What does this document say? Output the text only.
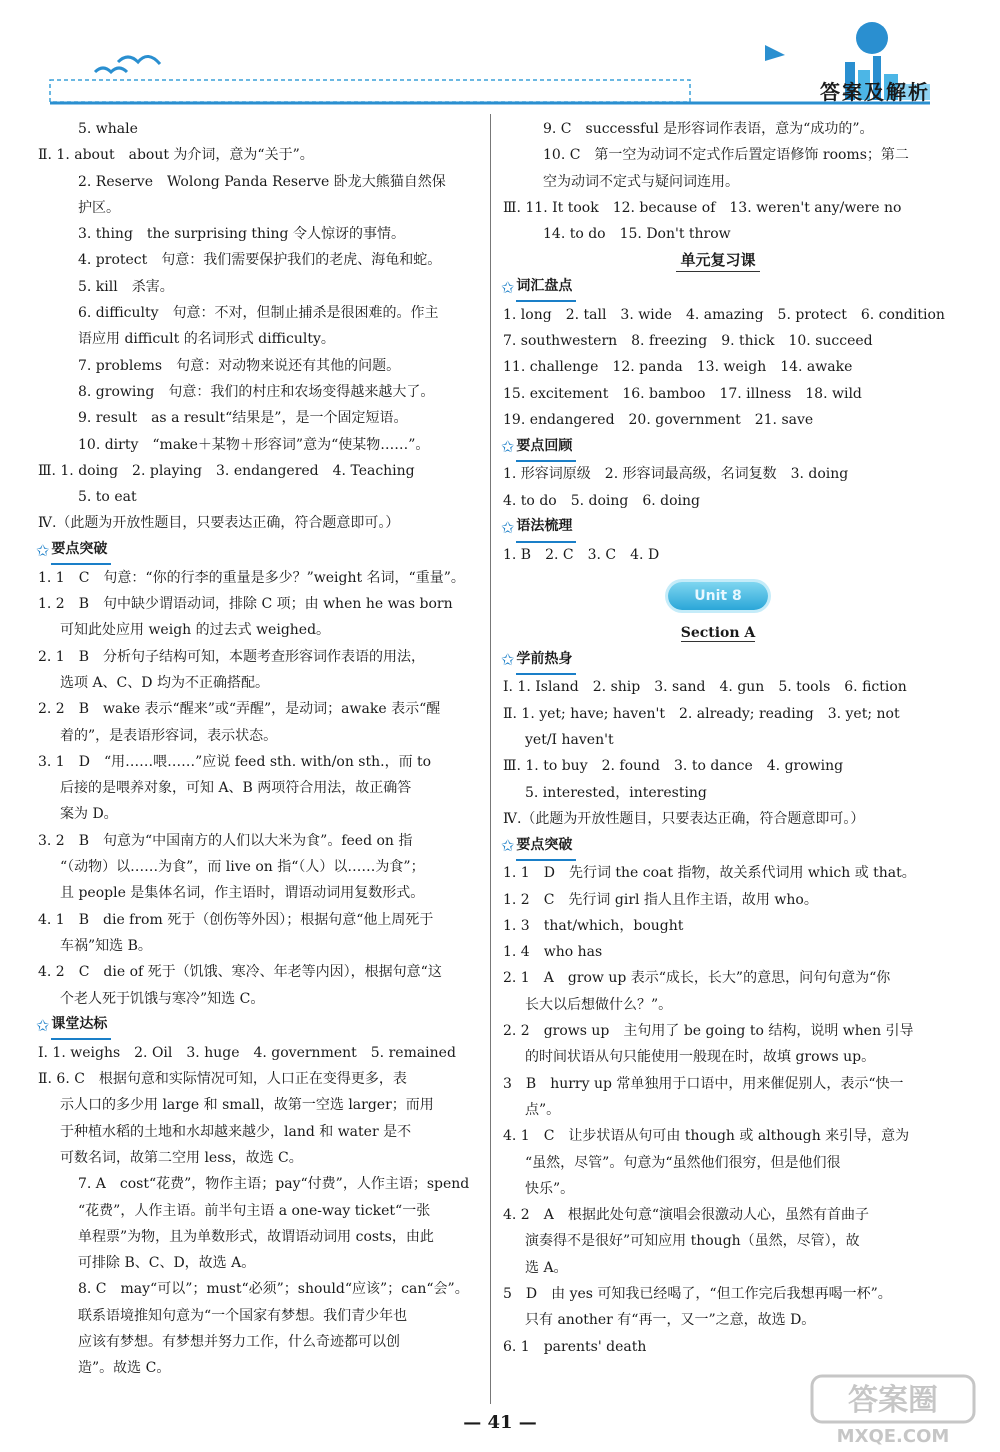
答案及解析
5. whale
Ⅱ. 1. about　about 为介词，意为“关于”。
2. Reserve　Wolong Panda Reserve 卧龙大熊猫自然保
护区。
3. thing　the surprising thing 令人惊讶的事情。
4. protect　句意：我们需要保护我们的老虎、海龟和蛇。
5. kill　杀害。
6. difficulty　句意：不对，但制止捕杀是很困难的。作主
语应用 difficult 的名词形式 difficulty。
7. problems　句意：对动物来说还有其他的问题。
8. growing　句意：我们的村庄和农场变得越来越大了。
9. result　as a result“结果是”，是一个固定短语。
10. dirty　“make＋某物＋形容词”意为“使某物……”。
Ⅲ. 1. doing　2. playing　3. endangered　4. Teaching
5. to eat
Ⅳ.（此题为开放性题目，只要表达正确，符合题意即可。）
✩ 要点突破
1. 1　C　句意：“你的行李的重量是多少？”weight 名词，“重量”。
1. 2　B　句中缺少谓语动词，排除 C 项；由 when he was born
可知此处应用 weigh 的过去式 weighed。
2. 1　B　分析句子结构可知，本题考查形容词作表语的用法，
选项 A、C、D 均为不正确搭配。
2. 2　B　wake 表示“醒来”或“弄醒”，是动词；awake 表示“醒
着的”，是表语形容词，表示状态。
3. 1　D　“用……喂……”应说 feed sth. with/on sth.，而 to
后接的是喂养对象，可知 A、B 两项符合用法，故正确答
案为 D。
3. 2　B　句意为“中国南方的人们以大米为食”。feed on 指
“（动物）以……为食”，而 live on 指“（人）以……为食”；
且 people 是集体名词，作主语时，谓语动词用复数形式。
4. 1　B　die from 死于（创伤等外因）；根据句意“他上周死于
车祸”知选 B。
4. 2　C　die of 死于（饥饿、寒冷、年老等内因），根据句意“这
个老人死于饥饿与寒冷”知选 C。
✩ 课堂达标
Ⅰ. 1. weighs　2. Oil　3. huge　4. government　5. remained
Ⅱ. 6. C　根据句意和实际情况可知，人口正在变得更多，表
示人口的多少用 large 和 small，故第一空选 larger；而用
于种植水稻的土地和水却越来越少，land 和 water 是不
可数名词，故第二空用 less，故选 C。
7. A　cost“花费”，物作主语；pay“付费”，人作主语；spend
“花费”，人作主语。前半句主语 a one-way ticket“一张
单程票”为物，且为单数形式，故谓语动词用 costs，由此
可排除 B、C、D，故选 A。
8. C　may“可以”；must“必须”；should“应该”；can“会”。
联系语境推知句意为“一个国家有梦想。我们青少年也
应该有梦想。有梦想并努力工作，什么奇迹都可以创
造”。故选 C。
9. C　successful 是形容词作表语，意为“成功的”。
10. C　第一空为动词不定式作后置定语修饰 rooms；第二
空为动词不定式与疑问词连用。
Ⅲ. 11. It took　12. because of　13. weren't any/were no
14. to do　15. Don't throw
单元复习课
✩ 词汇盘点
1. long　2. tall　3. wide　4. amazing　5. protect　6. condition
7. southwestern　8. freezing　9. thick　10. succeed
11. challenge　12. panda　13. weigh　14. awake
15. excitement　16. bamboo　17. illness　18. wild
19. endangered　20. government　21. save
✩ 要点回顾
1. 形容词原级　2. 形容词最高级，名词复数　3. doing
4. to do　5. doing　6. doing
✩ 语法梳理
1. B　2. C　3. C　4. D
Unit 8
Section A
✩ 学前热身
Ⅰ. 1. Island　2. ship　3. sand　4. gun　5. tools　6. fiction
Ⅱ. 1. yet; have; haven't　2. already; reading　3. yet; not
yet/I haven't
Ⅲ. 1. to buy　2. found　3. to dance　4. growing
5. interested，interesting
Ⅳ.（此题为开放性题目，只要表达正确，符合题意即可。）
✩ 要点突破
1. 1　D　先行词 the coat 指物，故关系代词用 which 或 that。
1. 2　C　先行词 girl 指人且作主语，故用 who。
1. 3　that/which，bought
1. 4　who has
2. 1　A　grow up 表示“成长，长大”的意思，问句句意为“你
长大以后想做什么？”。
2. 2　grows up　主句用了 be going to 结构，说明 when 引导
的时间状语从句只能使用一般现在时，故填 grows up。
3　B　hurry up 常单独用于口语中，用来催促别人，表示“快一
点”。
4. 1　C　让步状语从句可由 though 或 although 来引导，意为
“虽然，尽管”。句意为“虽然他们很穷，但是他们很
快乐”。
4. 2　A　根据此处句意“演唱会很激动人心，虽然有首曲子
演奏得不是很好”可知应用 though（虽然，尽管），故
选 A。
5　D　由 yes 可知我已经喝了，“但工作完后我想再喝一杯”。
只有 another 有“再一，又一”之意，故选 D。
6. 1　parents' death
— 41 —
答案圈
MXQE.COM
